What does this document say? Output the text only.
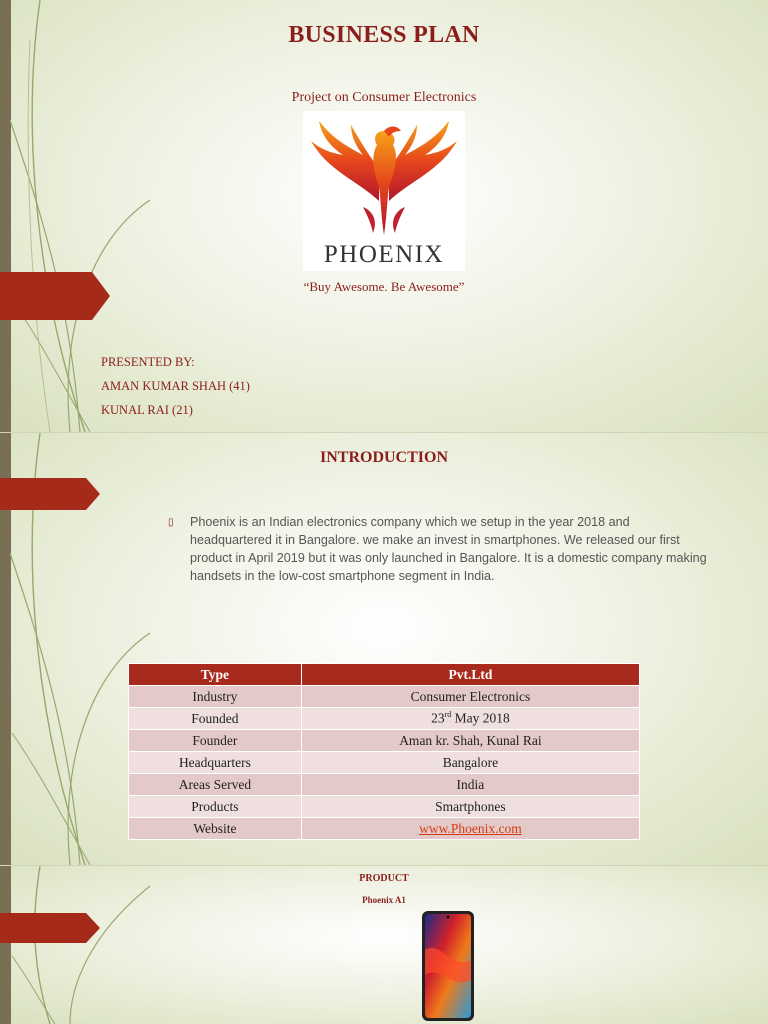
BUSINESS PLAN
Project on Consumer Electronics
PHOENIX
“Buy Awesome. Be Awesome”
PRESENTED BY:
AMAN KUMAR SHAH (41)
KUNAL RAI (21)
INTRODUCTION
▯ Phoenix is an Indian electronics company which we setup in the year 2018 and headquartered it in Bangalore. we make an invest in smartphones. We released our first product in April 2019 but it was only launched in Bangalore. It is a domestic company making handsets in the low-cost smartphone segment in India.
Type	Pvt.Ltd
Industry	Consumer Electronics
Founded	23rd May 2018
Founder	Aman kr. Shah, Kunal Rai
Headquarters	Bangalore
Areas Served	India
Products	Smartphones
Website	www.Phoenix.com
PRODUCT
Phoenix A1
